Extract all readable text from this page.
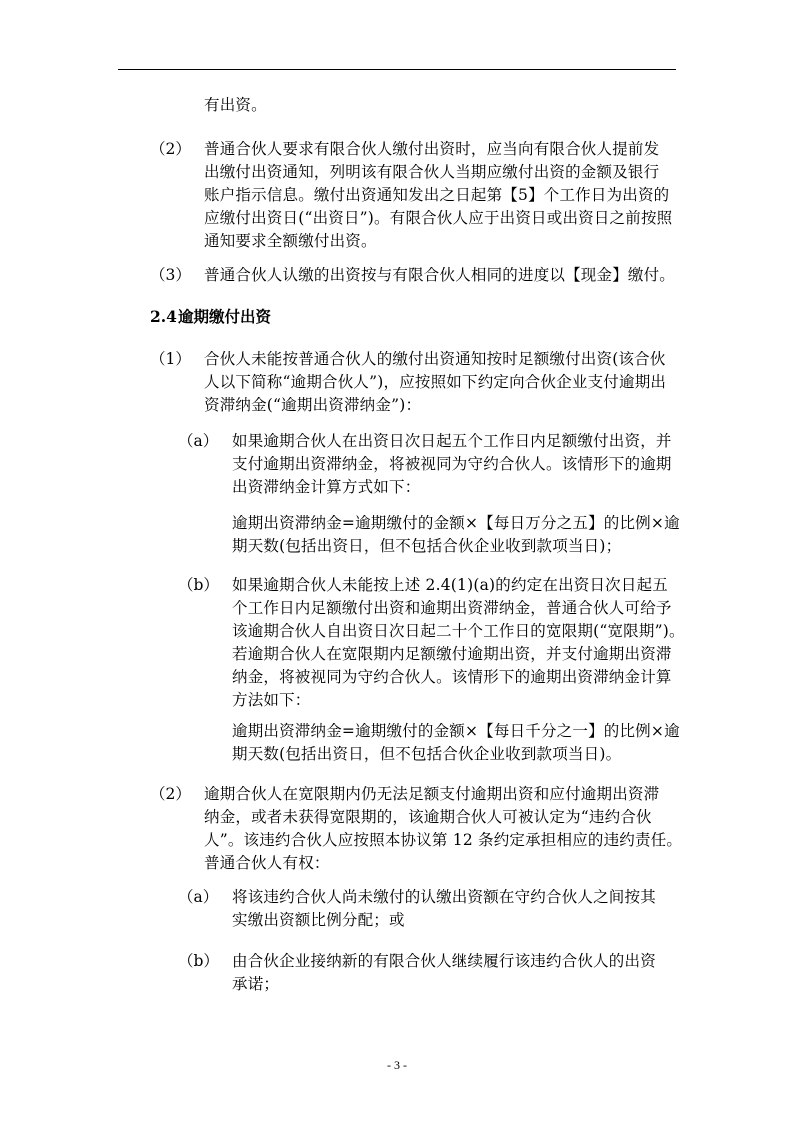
有出资。
（2） 普通合伙人要求有限合伙人缴付出资时，应当向有限合伙人提前发
出缴付出资通知，列明该有限合伙人当期应缴付出资的金额及银行
账户指示信息。缴付出资通知发出之日起第【5】个工作日为出资的
应缴付出资日(“出资日”)。有限合伙人应于出资日或出资日之前按照
通知要求全额缴付出资。
（3） 普通合伙人认缴的出资按与有限合伙人相同的进度以【现金】缴付。
2.4 逾期缴付出资
（1） 合伙人未能按普通合伙人的缴付出资通知按时足额缴付出资(该合伙
人以下简称“逾期合伙人”)，应按照如下约定向合伙企业支付逾期出
资滞纳金(“逾期出资滞纳金”)：
（a） 如果逾期合伙人在出资日次日起五个工作日内足额缴付出资，并
支付逾期出资滞纳金，将被视同为守约合伙人。该情形下的逾期
出资滞纳金计算方式如下：
逾期出资滞纳金=逾期缴付的金额×【每日万分之五】的比例×逾
期天数(包括出资日，但不包括合伙企业收到款项当日)；
（b） 如果逾期合伙人未能按上述 2.4(1)(a)的约定在出资日次日起五
个工作日内足额缴付出资和逾期出资滞纳金，普通合伙人可给予
该逾期合伙人自出资日次日起二十个工作日的宽限期(“宽限期”)。
若逾期合伙人在宽限期内足额缴付逾期出资，并支付逾期出资滞
纳金，将被视同为守约合伙人。该情形下的逾期出资滞纳金计算
方法如下：
逾期出资滞纳金=逾期缴付的金额×【每日千分之一】的比例×逾
期天数(包括出资日，但不包括合伙企业收到款项当日)。
（2） 逾期合伙人在宽限期内仍无法足额支付逾期出资和应付逾期出资滞
纳金，或者未获得宽限期的，该逾期合伙人可被认定为“违约合伙
人”。该违约合伙人应按照本协议第 12 条约定承担相应的违约责任。
普通合伙人有权：
（a） 将该违约合伙人尚未缴付的认缴出资额在守约合伙人之间按其
实缴出资额比例分配；或
（b） 由合伙企业接纳新的有限合伙人继续履行该违约合伙人的出资
承诺；
- 3 -
